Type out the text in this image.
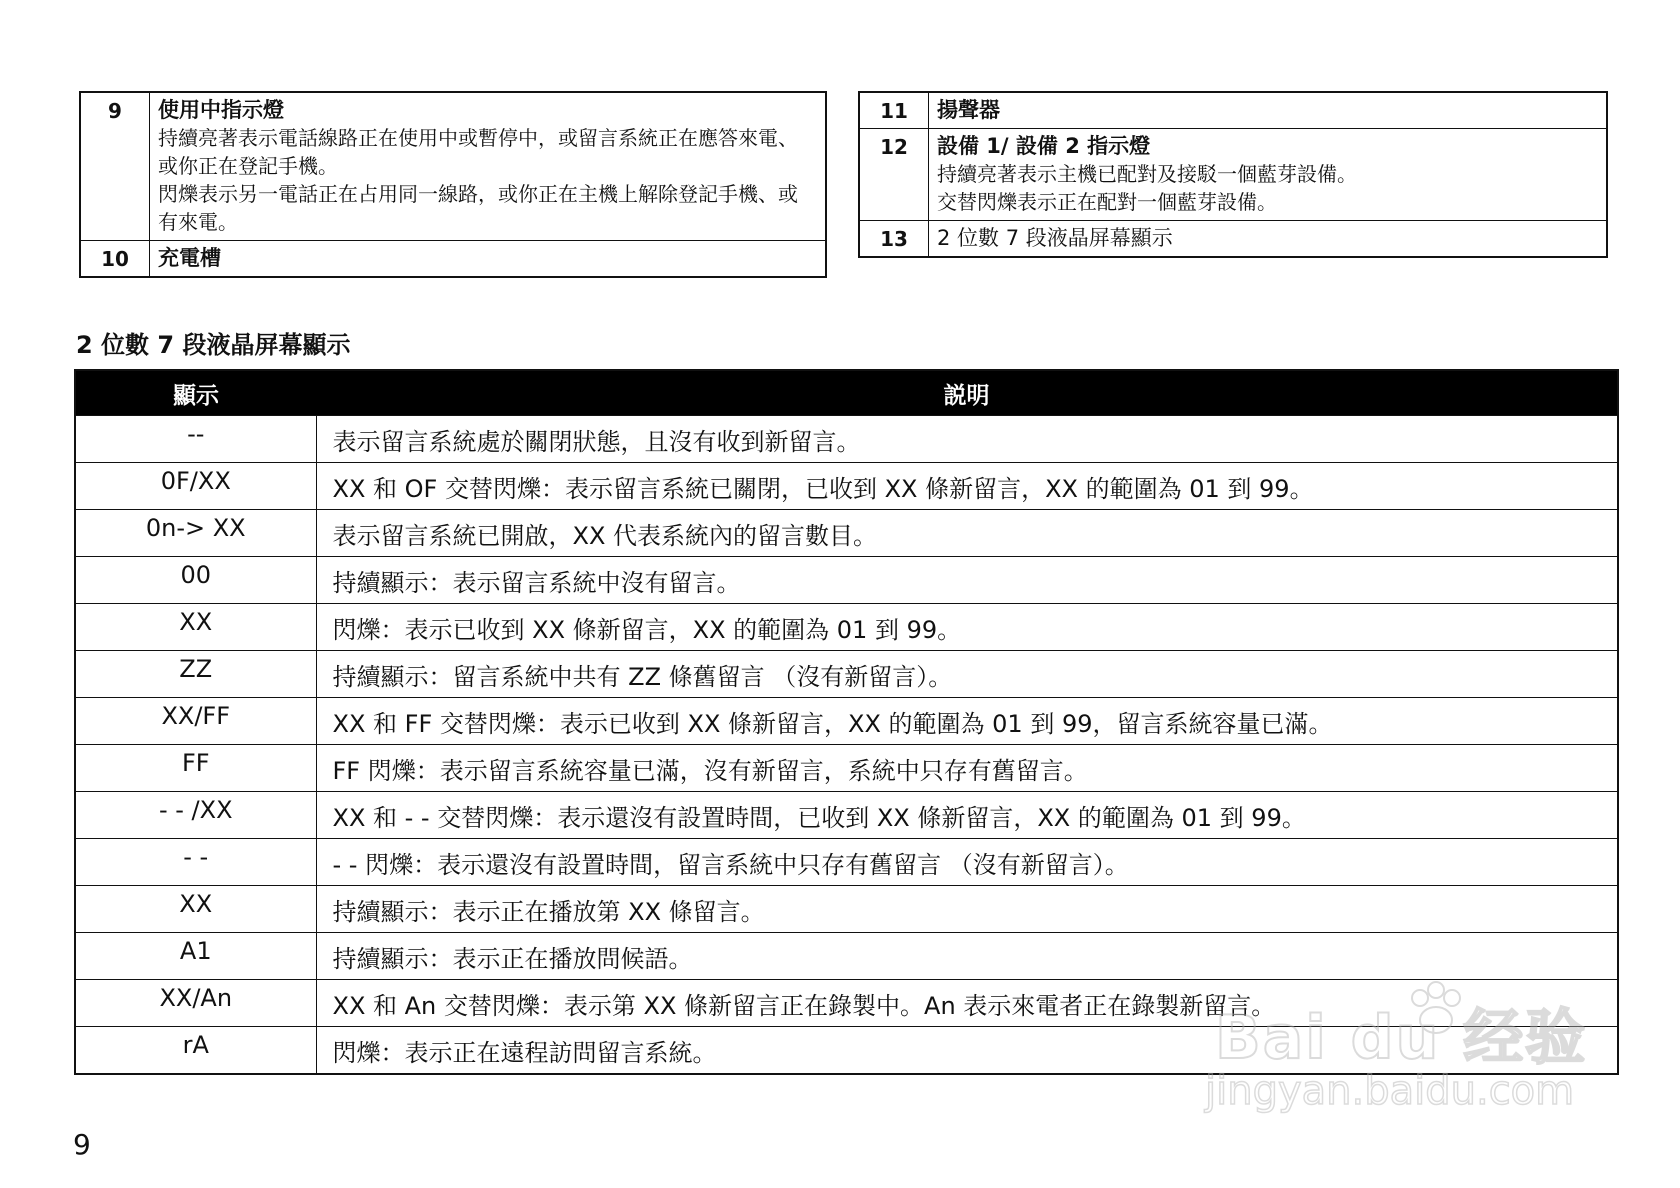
9	使用中指示燈
持續亮著表示電話線路正在使用中或暫停中，或留言系統正在應答來電、或你正在登記手機。
閃爍表示另一電話正在占用同一線路，或你正在主機上解除登記手機、或有來電。

10	充電槽
11	揚聲器

12	設備 1/ 設備 2 指示燈
持續亮著表示主機已配對及接駁一個藍芽設備。
交替閃爍表示正在配對一個藍芽設備。

13	2 位數 7 段液晶屏幕顯示
2 位數 7 段液晶屏幕顯示
顯示	説明
--	表示留言系統處於關閉狀態，且沒有收到新留言。
0F/XX	XX 和 OF 交替閃爍：表示留言系統已關閉，已收到 XX 條新留言，XX 的範圍為 01 到 99。
0n-> XX	表示留言系統已開啟，XX 代表系統內的留言數目。
00	持續顯示：表示留言系統中沒有留言。
XX	閃爍：表示已收到 XX 條新留言，XX 的範圍為 01 到 99。
ZZ	持續顯示：留言系統中共有 ZZ 條舊留言 （沒有新留言）。
XX/FF	XX 和 FF 交替閃爍：表示已收到 XX 條新留言，XX 的範圍為 01 到 99，留言系統容量已滿。
FF	FF 閃爍：表示留言系統容量已滿，沒有新留言，系統中只存有舊留言。
- - /XX	XX 和 - - 交替閃爍：表示還沒有設置時間，已收到 XX 條新留言，XX 的範圍為 01 到 99。
- -	- - 閃爍：表示還沒有設置時間，留言系統中只存有舊留言 （沒有新留言）。
XX	持續顯示：表示正在播放第 XX 條留言。
A1	持續顯示：表示正在播放問候語。
XX/An	XX 和 An 交替閃爍：表示第 XX 條新留言正在錄製中。An 表示來電者正在錄製新留言。
rA	閃爍：表示正在遠程訪問留言系統。
9
Bai du 经验
jingyan.baidu.com
